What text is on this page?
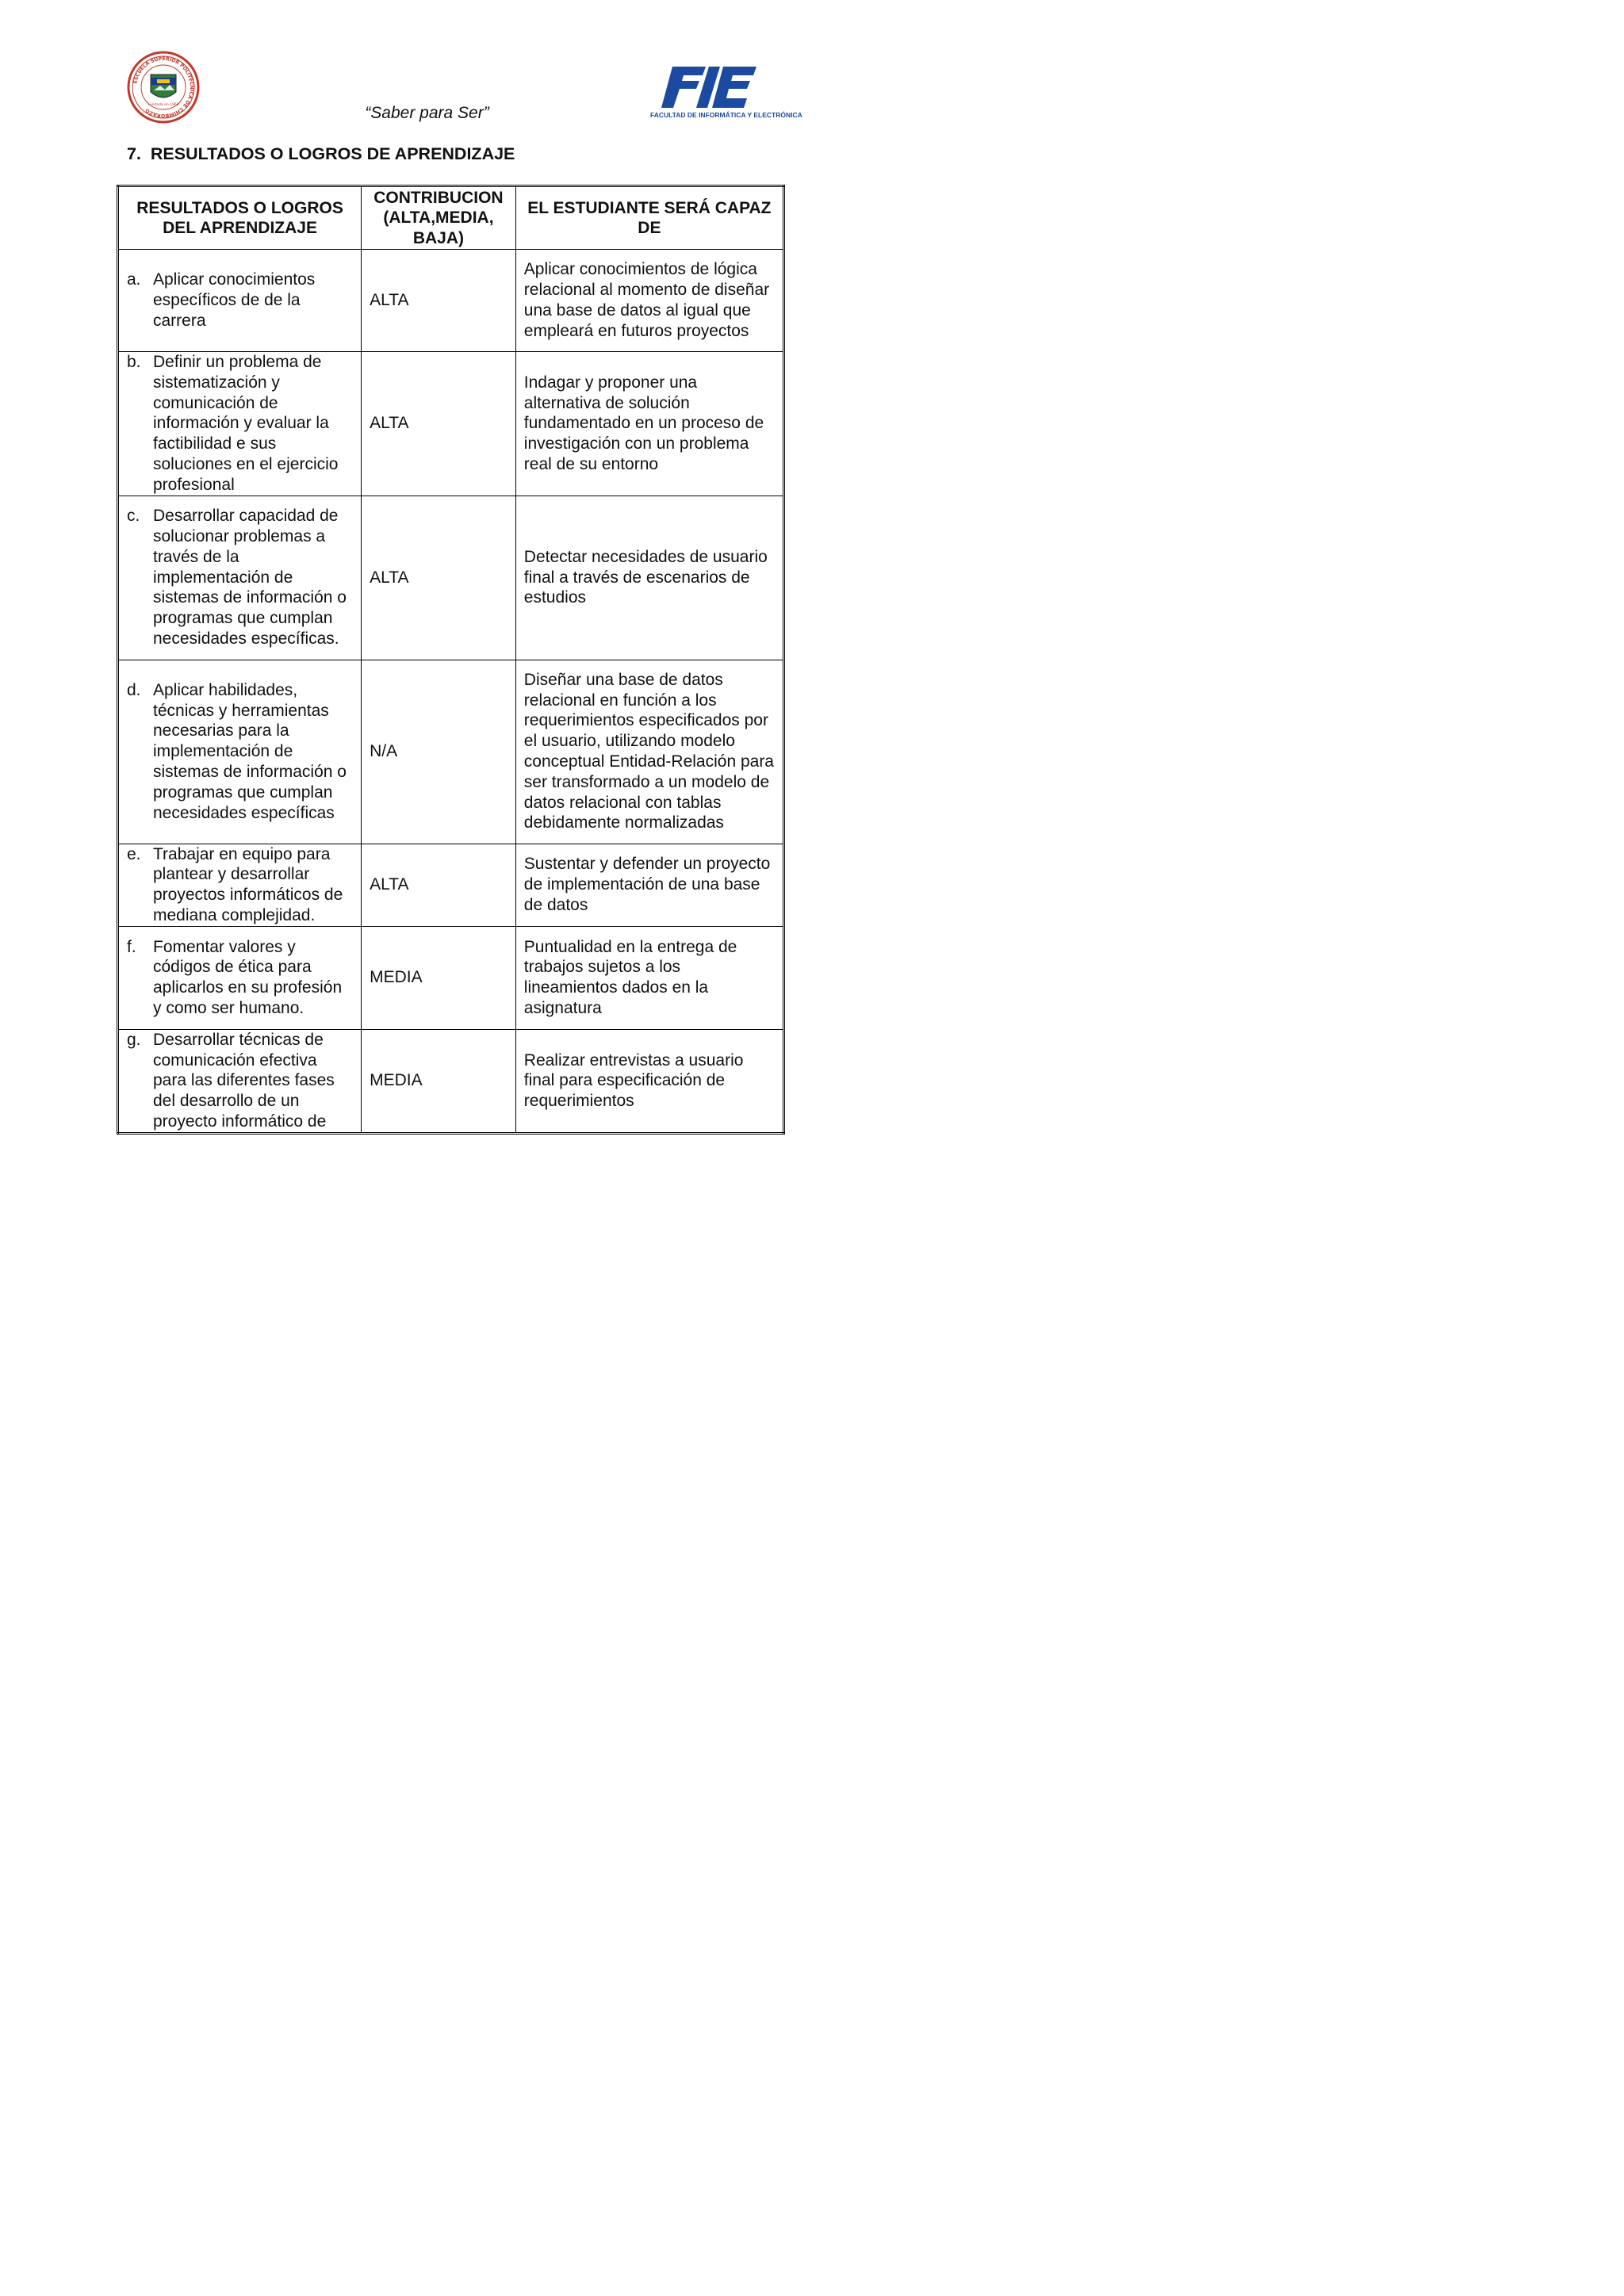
ESCUELA SUPERIOR POLITÉCNICA DE CHIMBORAZO
Fundada en 1969
FACULTAD DE INFORMÁTICA Y ELECTRÓNICA
“Saber para Ser”
7. RESULTADOS O LOGROS DE APRENDIZAJE
RESULTADOS O LOGROS DEL APRENDIZAJE	CONTRIBUCION (ALTA,MEDIA, BAJA)	EL ESTUDIANTE SERÁ CAPAZ DE

a. Aplicar conocimientos específicos de de la carrera	ALTA	Aplicar conocimientos de lógica relacional al momento de diseñar una base de datos al igual que empleará en futuros proyectos

b. Definir un problema de sistematización y comunicación de información y evaluar la factibilidad e sus soluciones en el ejercicio profesional	ALTA	Indagar y proponer una alternativa de solución fundamentado en un proceso de investigación con un problema real de su entorno

c. Desarrollar capacidad de solucionar problemas a través de la implementación de sistemas de información o programas que cumplan necesidades específicas.	ALTA	Detectar necesidades de usuario final a través de escenarios de estudios

d. Aplicar habilidades, técnicas y herramientas necesarias para la implementación de sistemas de información o programas que cumplan necesidades específicas	N/A	Diseñar una base de datos relacional en función a los requerimientos especificados por el usuario, utilizando modelo conceptual Entidad-Relación para ser transformado a un modelo de datos relacional con tablas debidamente normalizadas

e. Trabajar en equipo para plantear y desarrollar proyectos informáticos de mediana complejidad.	ALTA	Sustentar y defender un proyecto de implementación de una base de datos

f. Fomentar valores y códigos de ética para aplicarlos en su profesión y como ser humano.	MEDIA	Puntualidad en la entrega de trabajos sujetos a los lineamientos dados en la asignatura

g. Desarrollar técnicas de comunicación efectiva para las diferentes fases del desarrollo de un proyecto informático de	MEDIA	Realizar entrevistas a usuario final para especificación de requerimientos
